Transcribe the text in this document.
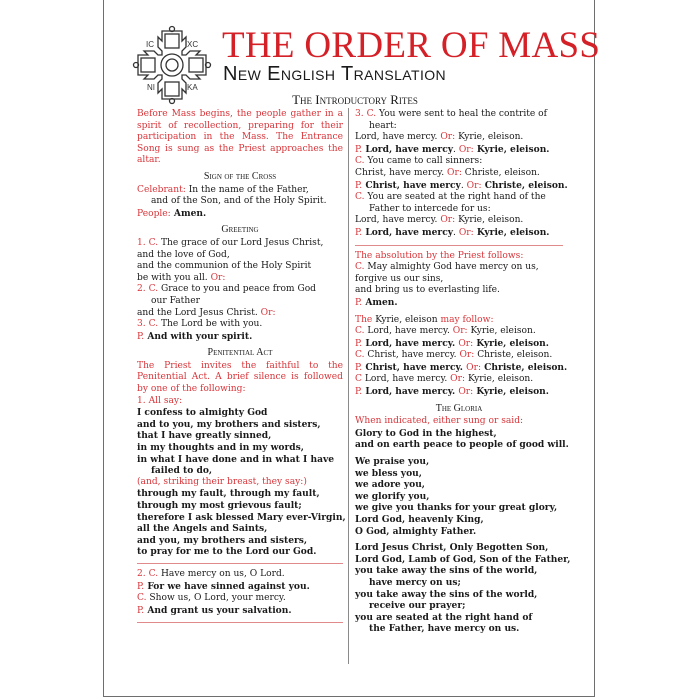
IC	XC
NI	KA
THE ORDER OF MASS
New English Translation
The Introductory Rites
Before Mass begins, the people gather in a spirit of recollection, preparing for their participation in the Mass. The Entrance Song is sung as the Priest approaches the altar.
Sign of the Cross
Celebrant: In the name of the Father,
and of the Son, and of the Holy Spirit.
People: Amen.
Greeting
1. C. The grace of our Lord Jesus Christ,
and the love of God,
and the communion of the Holy Spirit
be with you all. Or:
2. C. Grace to you and peace from God
our Father
and the Lord Jesus Christ. Or:
3. C. The Lord be with you.
P. And with your spirit.
Penitential Act
The Priest invites the faithful to the Penitential Act. A brief silence is followed by one of the following:
1. All say:
I confess to almighty God
and to you, my brothers and sisters,
that I have greatly sinned,
in my thoughts and in my words,
in what I have done and in what I have
failed to do,
(and, striking their breast, they say:)
through my fault, through my fault,
through my most grievous fault;
therefore I ask blessed Mary ever-Virgin,
all the Angels and Saints,
and you, my brothers and sisters,
to pray for me to the Lord our God.
2. C. Have mercy on us, O Lord.
P. For we have sinned against you.
C. Show us, O Lord, your mercy.
P. And grant us your salvation.
3. C. You were sent to heal the contrite of
heart:
Lord, have mercy. Or: Kyrie, eleison.
P. Lord, have mercy. Or: Kyrie, eleison.
C. You came to call sinners:
Christ, have mercy. Or: Christe, eleison.
P. Christ, have mercy. Or: Christe, eleison.
C. You are seated at the right hand of the
Father to intercede for us:
Lord, have mercy. Or: Kyrie, eleison.
P. Lord, have mercy. Or: Kyrie, eleison.
The absolution by the Priest follows:
C. May almighty God have mercy on us,
forgive us our sins,
and bring us to everlasting life.
P. Amen.
The Kyrie, eleison may follow:
C. Lord, have mercy. Or: Kyrie, eleison.
P. Lord, have mercy. Or: Kyrie, eleison.
C. Christ, have mercy. Or: Christe, eleison.
P. Christ, have mercy. Or: Christe, eleison.
C Lord, have mercy. Or: Kyrie, eleison.
P. Lord, have mercy. Or: Kyrie, eleison.
The Gloria
When indicated, either sung or said:
Glory to God in the highest,
and on earth peace to people of good will.
We praise you,
we bless you,
we adore you,
we glorify you,
we give you thanks for your great glory,
Lord God, heavenly King,
O God, almighty Father.
Lord Jesus Christ, Only Begotten Son,
Lord God, Lamb of God, Son of the Father,
you take away the sins of the world,
have mercy on us;
you take away the sins of the world,
receive our prayer;
you are seated at the right hand of
the Father, have mercy on us.
